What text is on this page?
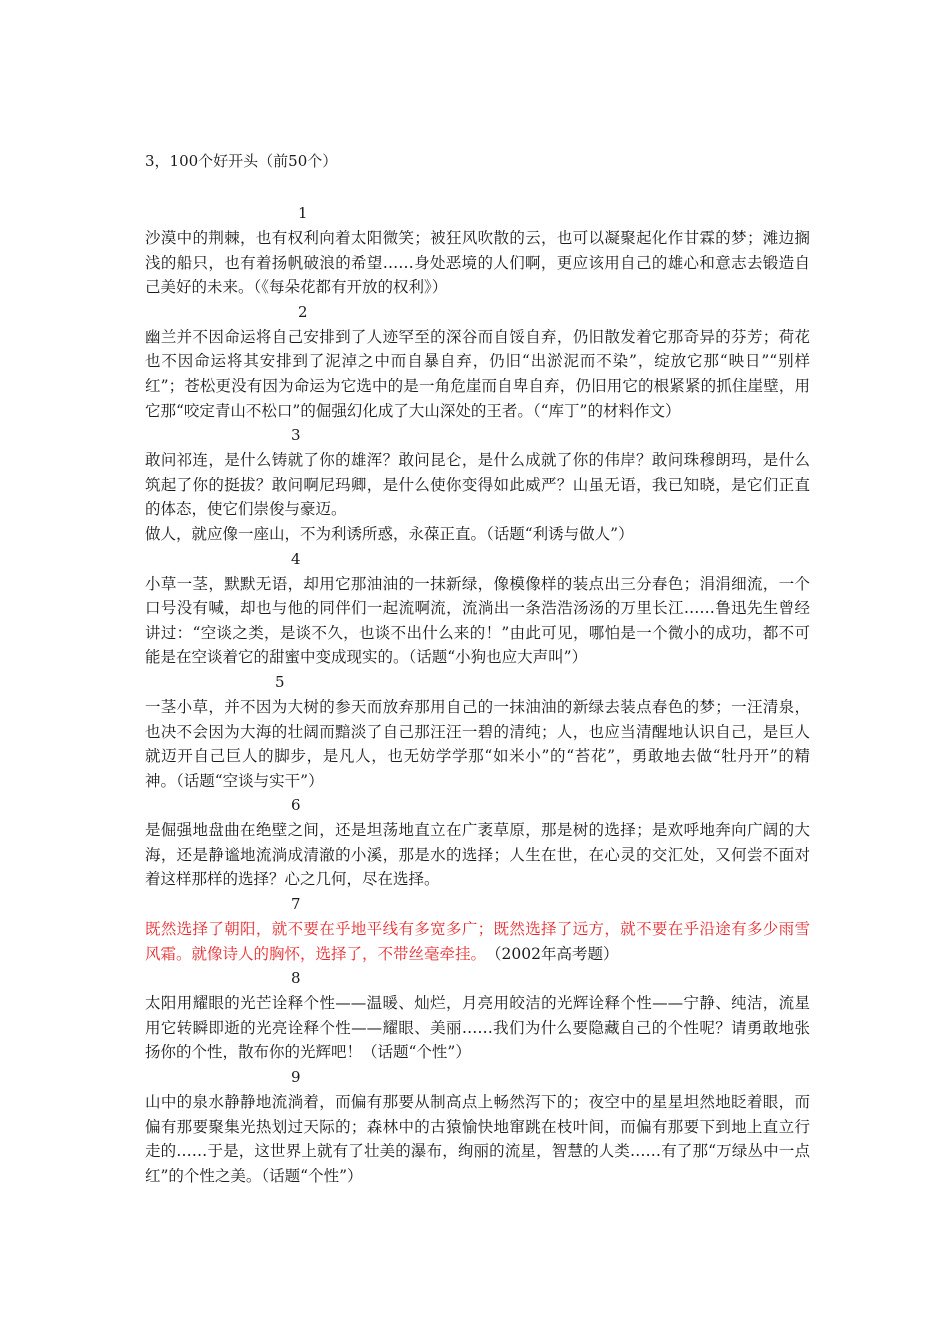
3，100个好开头（前50个）
1

沙漠中的荆棘，也有权利向着太阳微笑；被狂风吹散的云，也可以凝聚起化作甘霖的梦；滩边搁浅的船只，也有着扬帆破浪的希望……身处恶境的人们啊，更应该用自己的雄心和意志去锻造自己美好的未来。（《每朵花都有开放的权利》）

2

幽兰并不因命运将自己安排到了人迹罕至的深谷而自馁自弃，仍旧散发着它那奇异的芬芳；荷花也不因命运将其安排到了泥淖之中而自暴自弃，仍旧“出淤泥而不染”，绽放它那“映日”“别样红”；苍松更没有因为命运为它选中的是一角危崖而自卑自弃，仍旧用它的根紧紧的抓住崖壁，用它那“咬定青山不松口”的倔强幻化成了大山深处的王者。（“库丁”的材料作文）

3

敢问祁连，是什么铸就了你的雄浑？敢问昆仑，是什么成就了你的伟岸？敢问珠穆朗玛，是什么筑起了你的挺拔？敢问啊尼玛卿，是什么使你变得如此威严？山虽无语，我已知晓，是它们正直的体态，使它们崇俊与豪迈。

做人，就应像一座山，不为利诱所惑，永葆正直。（话题“利诱与做人”）

4

小草一茎，默默无语，却用它那油油的一抹新绿，像模像样的装点出三分春色；涓涓细流，一个口号没有喊，却也与他的同伴们一起流啊流，流淌出一条浩浩汤汤的万里长江……鲁迅先生曾经讲过：“空谈之类，是谈不久，也谈不出什么来的！”由此可见，哪怕是一个微小的成功，都不可能是在空谈着它的甜蜜中变成现实的。（话题“小狗也应大声叫”）

5

一茎小草，并不因为大树的参天而放弃那用自己的一抹油油的新绿去装点春色的梦；一汪清泉，也决不会因为大海的壮阔而黯淡了自己那汪汪一碧的清纯；人，也应当清醒地认识自己，是巨人就迈开自己巨人的脚步，是凡人，也无妨学学那“如米小”的“苔花”，勇敢地去做“牡丹开”的精神。（话题“空谈与实干”）

6

是倔强地盘曲在绝壁之间，还是坦荡地直立在广袤草原，那是树的选择；是欢呼地奔向广阔的大海，还是静谧地流淌成清澈的小溪，那是水的选择；人生在世，在心灵的交汇处，又何尝不面对着这样那样的选择？心之几何，尽在选择。

7

既然选择了朝阳，就不要在乎地平线有多宽多广；既然选择了远方，就不要在乎沿途有多少雨雪风霜。就像诗人的胸怀，选择了，不带丝毫牵挂。　（2002年高考题）

8

太阳用耀眼的光芒诠释个性——温暖、灿烂，月亮用皎洁的光辉诠释个性——宁静、纯洁，流星用它转瞬即逝的光亮诠释个性——耀眼、美丽……我们为什么要隐藏自己的个性呢？请勇敢地张扬你的个性，散布你的光辉吧！（话题“个性”）

9

山中的泉水静静地流淌着，而偏有那要从制高点上畅然泻下的；夜空中的星星坦然地眨着眼，而偏有那要聚集光热划过天际的；森林中的古猿愉快地窜跳在枝叶间，而偏有那要下到地上直立行走的……于是，这世界上就有了壮美的瀑布，绚丽的流星，智慧的人类……有了那“万绿丛中一点红”的个性之美。（话题“个性”）
